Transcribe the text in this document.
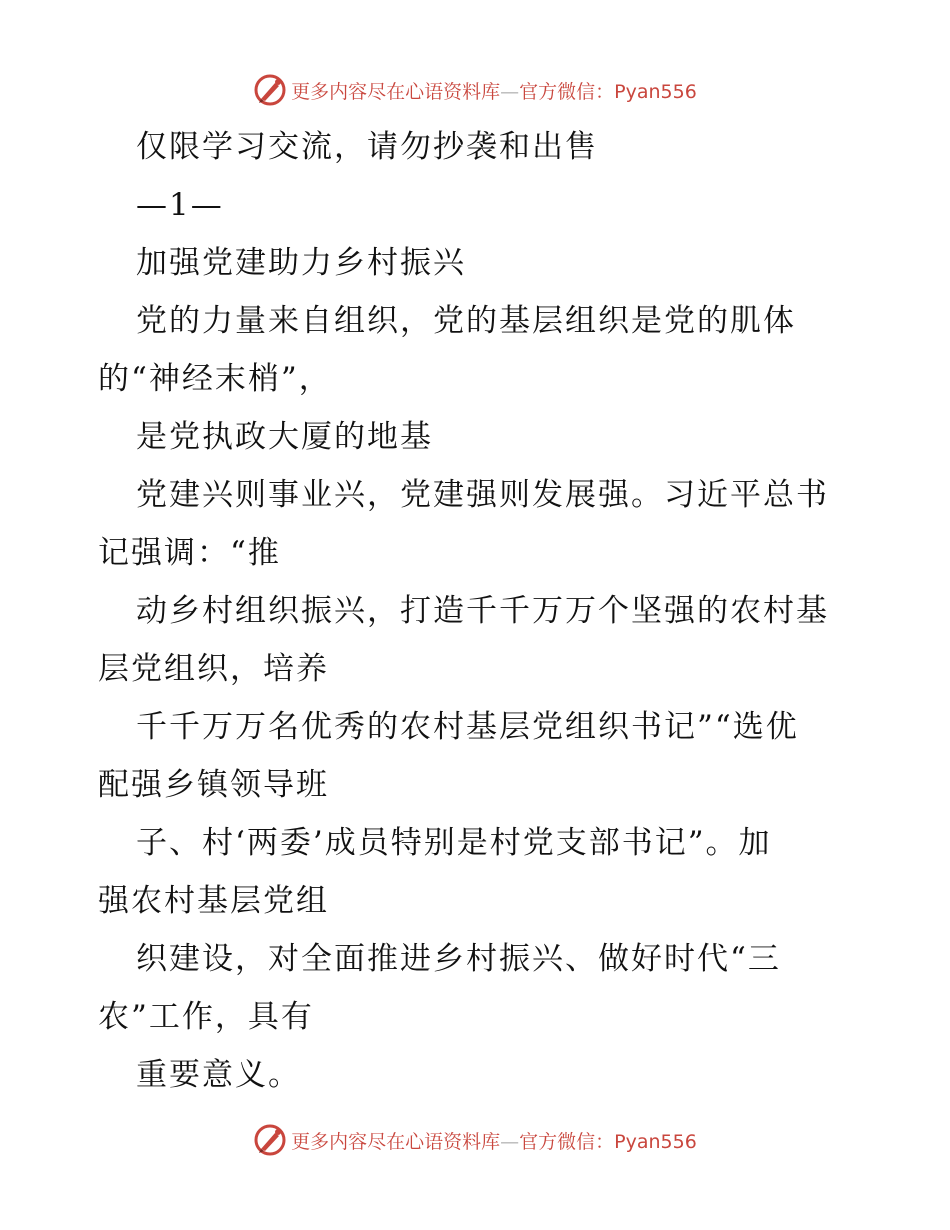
更多内容尽在心语资料库—官方微信：Pyan556
仅限学习交流，请勿抄袭和出售
—1—
加强党建助力乡村振兴
党的力量来自组织，党的基层组织是党的肌体
的“神经末梢”，
是党执政大厦的地基
党建兴则事业兴，党建强则发展强。习近平总书
记强调：“推
动乡村组织振兴，打造千千万万个坚强的农村基
层党组织，培养
千千万万名优秀的农村基层党组织书记”“选优
配强乡镇领导班
子、村‘两委’成员特别是村党支部书记”。加
强农村基层党组
织建设，对全面推进乡村振兴、做好时代“三
农”工作，具有
重要意义。
更多内容尽在心语资料库—官方微信：Pyan556
